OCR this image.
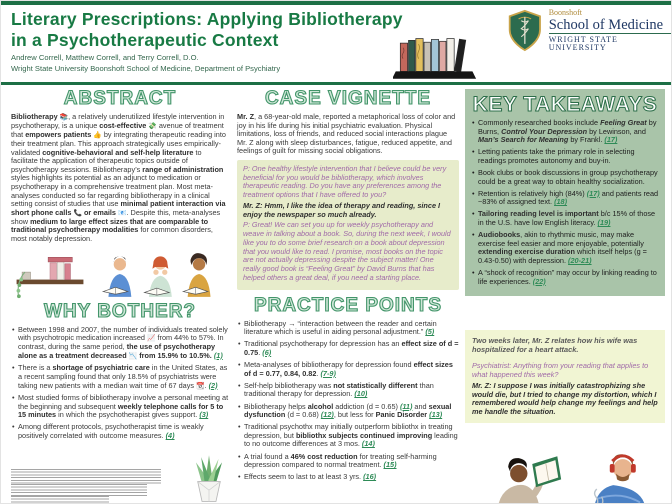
Literary Prescriptions: Applying Bibliotherapy
in a Psychotherapeutic Context
Andrew Correll, Matthew Correll, and Terry Correll, D.O.
Wright State University Boonshoft School of Medicine, Department of Psychiatry
Boonshoft
School of Medicine
WRIGHT STATE UNIVERSITY
ABSTRACT

Bibliotherapy 📚, a relatively underutilized lifestyle intervention in psychotherapy, is a unique cost-effective 💸 avenue of treatment that empowers patients 👍 by integrating therapeutic reading into their treatment plan. This approach strategically uses empirically-validated cognitive-behavioral and self-help literature to facilitate the application of therapeutic topics outside of psychotherapy sessions. Bibliotherapy’s range of administration styles highlights its potential as an adjunct to medication or psychotherapy in a comprehensive treatment plan. Most meta-analyses conducted so far regarding bibliotherapy in a clinical setting consist of studies that use minimal patient interaction via short phone calls 📞 or emails 📧. Despite this, meta-analyses show medium to large effect sizes that are comparable to traditional psychotherapy modalities for common disorders, most notably depression.

WHY BOTHER?
• Between 1998 and 2007, the number of individuals treated solely with psychotropic medication increased 📈 from 44% to 57%. In contrast, during the same period, the use of psychotherapy alone as a treatment decreased 📉 from 15.9% to 10.5%. (1)
• There is a shortage of psychiatric care in the United States, as a recent sampling found that only 18.5% of psychiatrists were taking new patients with a median wait time of 67 days 📆. (2)
• Most studied forms of bibliotherapy involve a personal meeting at the beginning and subsequent weekly telephone calls for 5 to 15 minutes in which the psychotherapist gives support. (3)
• Among different protocols, psychotherapist time is weakly positively correlated with outcome measures. (4)
CASE VIGNETTE

Mr. Z, a 68-year-old male, reported a metaphorical loss of color and joy in his life during his initial psychiatric evaluation. Physical limitations, loss of friends, and reduced social interactions plague Mr. Z along with sleep disturbances, fatigue, reduced appetite, and feelings of guilt for missing social obligations.

P: One healthy lifestyle intervention that I believe could be very beneficial for you would be bibliotherapy, which involves therapeutic reading. Do you have any preferences among the treatment options that I have offered to you?

Mr. Z: Hmm, I like the idea of therapy and reading, since I enjoy the newspaper so much already.

P: Great! We can set you up for weekly psychotherapy and weave in talking about a book. So, during the next week, I would like you to do some brief research on a book about depression that you would like to read. I promise, most books on the topic are not actually depressing despite the subject matter! One really good book is “Feeling Great” by David Burns that has helped others a great deal, if you need a starting place.

PRACTICE POINTS
• Bibliotherapy → “interaction between the reader and certain literature which is useful in aiding personal adjustment.” (5)
• Traditional psychotherapy for depression has an effect size of d = 0.75. (6)
• Meta-analyses of bibliotherapy for depression found effect sizes of d = 0.77, 0.84, 0.82. (7-9)
• Self-help bibliotherapy was not statistically different than traditional therapy for depression. (10)
• Bibliotherapy helps alcohol addiction (d = 0.65) (11) and sexual dysfunction (d = 0.68) (12), but less for Panic Disorder (13)
• Traditional psychothx may initially outperform bibliothx in treating depression, but bibliothx subjects continued improving leading to no outcome differences at 3 mos. (14)
• A trial found a 46% cost reduction for treating self-harming depression compared to normal treatment. (15)
• Effects seem to last to at least 3 yrs. (16)
KEY TAKEAWAYS
• Commonly researched books include Feeling Great by Burns, Control Your Depression by Lewinson, and Man’s Search for Meaning by Frankl. (17)
• Letting patients take the primary role in selecting readings promotes autonomy and buy-in.
• Book clubs or book discussions in group psychotherapy could be a great way to obtain healthy socialization.
• Retention is relatively high (84%) (17) and patients read ~83% of assigned text. (18)
• Tailoring reading level is important b/c 15% of those in the U.S. have low English literacy. (19)
• Audiobooks, akin to rhythmic music, may make exercise feel easier and more enjoyable, potentially extending exercise duration which itself helps (g = 0.43-0.50) with depression. (20-21)
• A “shock of recognition” may occur by linking reading to life experiences. (22)

Two weeks later, Mr. Z relates how his wife was hospitalized for a heart attack.

Psychiatrist: Anything from your reading that applies to what happened this week?

Mr. Z: I suppose I was initially catastrophizing she would die, but I tried to change my distortion, which I remembered would help change my feelings and help me handle the situation.
